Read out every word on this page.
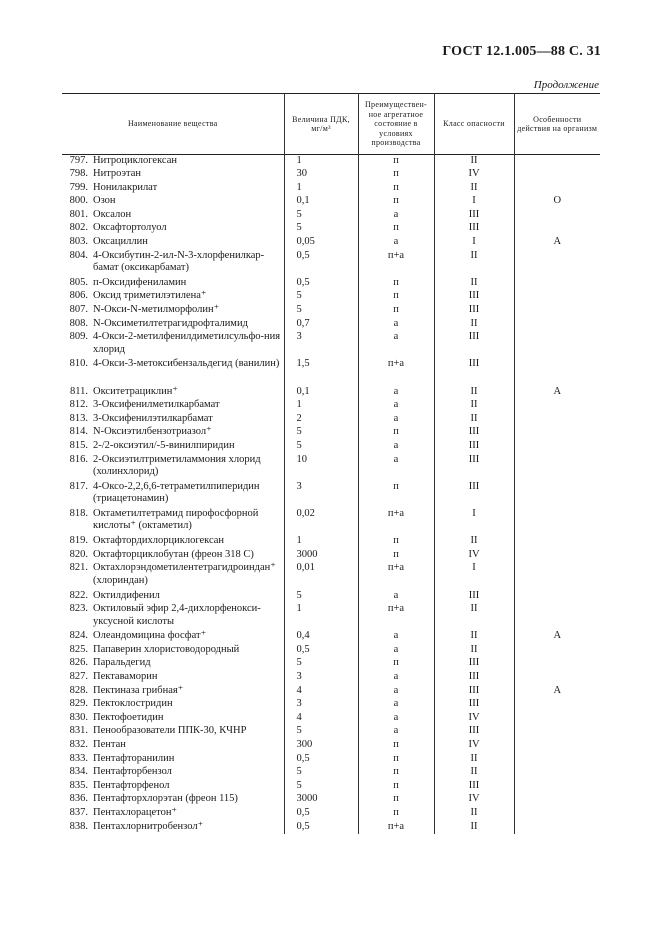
ГОСТ 12.1.005—88 С. 31
Продолжение
Наименование вещества	Величина ПДК, мг/м³	Преимуществен-ное агрегатное состояние в условиях производства	Класс опасности	Особенности действия на организм

797. Нитроциклогексан	1	п	II	

798. Нитроэтан	30	п	IV	

799. Нонилакрилат	1	п	II	

800. Озон	0,1	п	I	О

801. Оксалон	5	а	III	

802. Оксафтортолуол	5	п	III	

803. Оксациллин	0,05	а	I	А

804. 4-Оксибутин-2-ил-N-3-хлорфенилкар-бамат (оксикарбамат)	0,5	п+а	II	

805. п-Оксидифениламин	0,5	п	II	

806. Оксид триметилэтилена⁺	5	п	III	

807. N-Окси-N-метилморфолин⁺	5	п	III	

808. N-Оксиметилтетрагидрофталимид	0,7	а	II	

809. 4-Окси-2-метилфенилдиметилсульфо-ния хлорид	3	а	III	

810. 4-Окси-3-метоксибензальдегид (ванилин)	1,5	п+а	III	

811. Окситетрациклин⁺	0,1	а	II	А

812. 3-Оксифенилметилкарбамат	1	а	II	

813. 3-Оксифенилэтилкарбамат	2	а	II	

814. N-Оксиэтилбензотриазол⁺	5	п	III	

815. 2-/2-оксиэтил/-5-винилпиридин	5	а	III	

816. 2-Оксиэтилтриметиламмония хлорид (холинхлорид)	10	а	III	

817. 4-Оксо-2,2,6,6-тетраметилпиперидин (триацетонамин)	3	п	III	

818. Октаметилтетрамид пирофосфорной кислоты⁺ (октаметил)	0,02	п+а	I	

819. Октафтордихлорциклогексан	1	п	II	

820. Октафторциклобутан (фреон 318 С)	3000	п	IV	

821. Октахлорэндометилентетрагидроиндан⁺ (хлориндан)	0,01	п+а	I	

822. Октилдифенил	5	а	III	

823. Октиловый эфир 2,4-дихлорфенокси-уксусной кислоты	1	п+а	II	

824. Олеандомицина фосфат⁺	0,4	а	II	А

825. Папаверин хлористоводородный	0,5	а	II	

826. Паральдегид	5	п	III	

827. Пектаваморин	3	а	III	

828. Пектиназа грибная⁺	4	а	III	А

829. Пектоклостридин	3	а	III	

830. Пектофоетидин	4	а	IV	

831. Пенообразователи ППК-30, КЧНР	5	а	III	

832. Пентан	300	п	IV	

833. Пентафторанилин	0,5	п	II	

834. Пентафторбензол	5	п	II	

835. Пентафторфенол	5	п	III	

836. Пентафторхлорэтан (фреон 115)	3000	п	IV	

837. Пентахлорацетон⁺	0,5	п	II	

838. Пентахлорнитробензол⁺	0,5	п+а	II	
